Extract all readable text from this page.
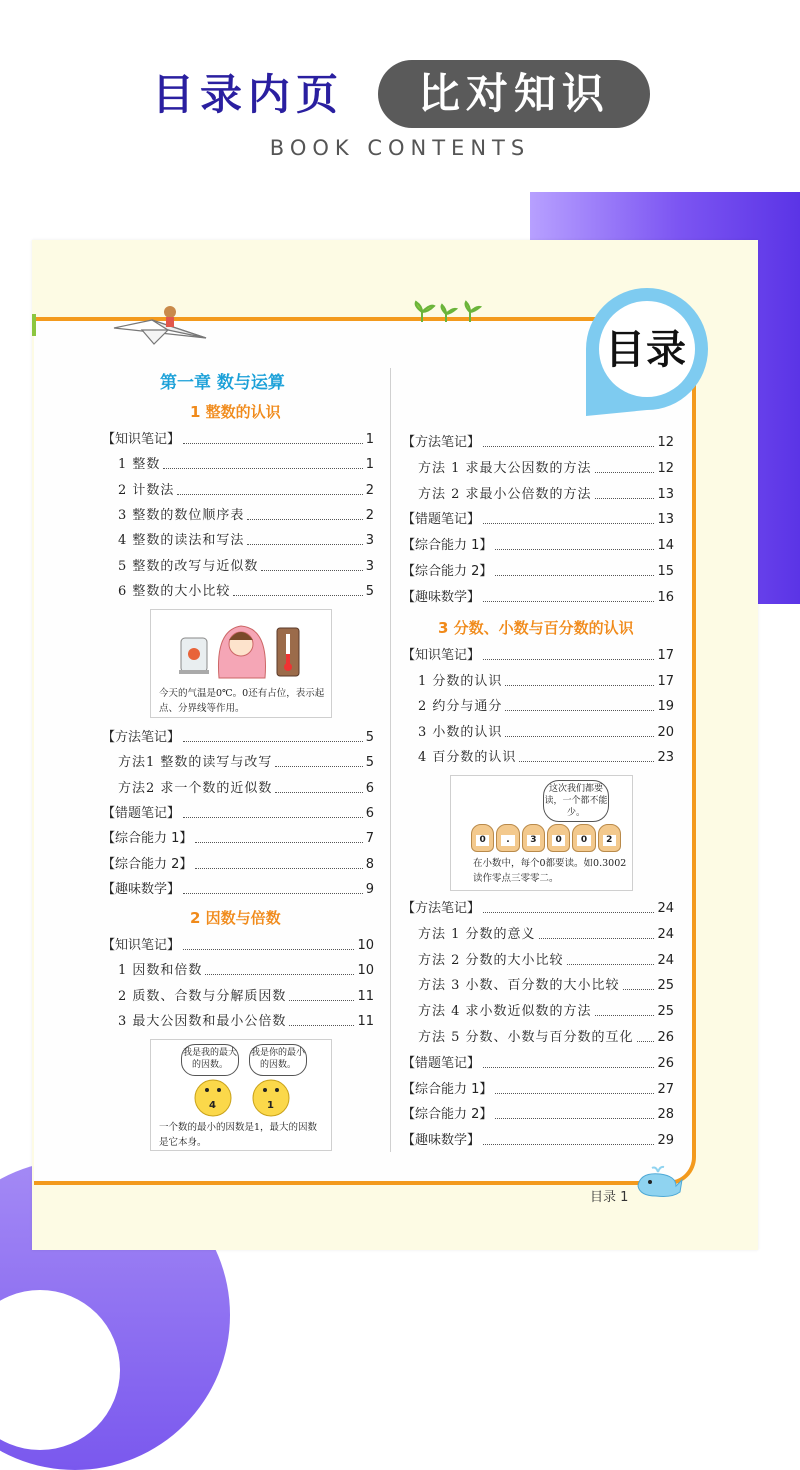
目录内页	比对知识
BOOK CONTENTS
目录
第一章 数与运算
1 整数的认识
【知识笔记】	1
1 整数	1
2 计数法	2
3 整数的数位顺序表	2
4 整数的读法和写法	3
5 整数的改写与近似数	3
6 整数的大小比较	5
今天的气温是0℃。0还有占位，表示起点、分界线等作用。
【方法笔记】	5
方法1 整数的读写与改写	5
方法2 求一个数的近似数	6
【错题笔记】	6
【综合能力 1】	7
【综合能力 2】	8
【趣味数学】	9
2 因数与倍数
【知识笔记】	10
1 因数和倍数	10
2 质数、合数与分解质因数	11
3 最大公因数和最小公倍数	11
我是我的最大的因数。
我是你的最小的因数。
4	1
一个数的最小的因数是1，最大的因数是它本身。
【方法笔记】	12
方法 1 求最大公因数的方法	12
方法 2 求最小公倍数的方法	13
【错题笔记】	13
【综合能力 1】	14
【综合能力 2】	15
【趣味数学】	16
3 分数、小数与百分数的认识
【知识笔记】	17
1 分数的认识	17
2 约分与通分	19
3 小数的认识	20
4 百分数的认识	23
这次我们都要读，一个都不能少。
0	.	3	0	0	2
在小数中，每个0都要读。如0.3002读作零点三零零二。
【方法笔记】	24
方法 1 分数的意义	24
方法 2 分数的大小比较	24
方法 3 小数、百分数的大小比较	25
方法 4 求小数近似数的方法	25
方法 5 分数、小数与百分数的互化 26
【错题笔记】	26
【综合能力 1】	27
【综合能力 2】	28
【趣味数学】	29
目录 1
